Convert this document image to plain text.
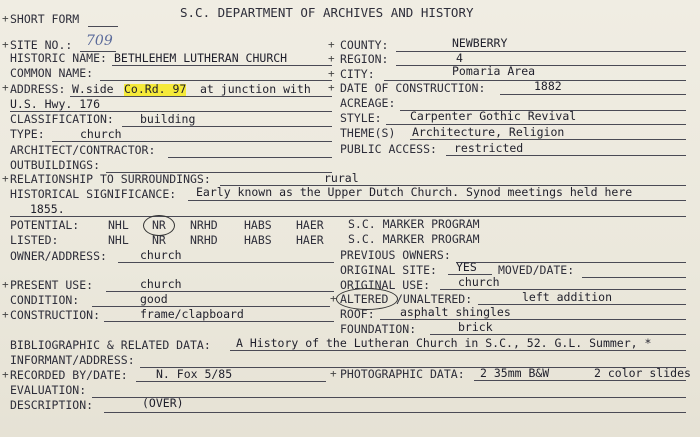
+ SHORT FORM	S.C. DEPARTMENT OF ARCHIVES AND HISTORY
+ SITE NO.: 709
HISTORIC NAME: BETHLEHEM LUTHERAN CHURCH
COMMON NAME:
+ ADDRESS: W.side Co.Rd. 97 at junction with
U.S. Hwy. 176
CLASSIFICATION: building
TYPE:	church
ARCHITECT/CONTRACTOR:
OUTBUILDINGS:
+ COUNTY:	NEWBERRY
+ REGION:	4
+ CITY:	Pomaria Area
+ DATE OF CONSTRUCTION:	1882
ACREAGE:
STYLE: Carpenter Gothic Revival
THEME(S) Architecture, Religion
PUBLIC ACCESS: restricted
+ RELATIONSHIP TO SURROUNDINGS:	rural
HISTORICAL SIGNIFICANCE: Early known as the Upper Dutch Church. Synod meetings held here
1855.
POTENTIAL:	NHL NR NRHD HABS HAER S.C. MARKER PROGRAM
LISTED:	NHL NR NRHD HABS HAER S.C. MARKER PROGRAM
OWNER/ADDRESS:	church	PREVIOUS OWNERS:
ORIGINAL SITE: YES MOVED/DATE:
ORIGINAL USE: church
+ PRESENT USE:	church
CONDITION:	good	+ ALTERED /UNALTERED:	left addition
+ CONSTRUCTION:	frame/clapboard	ROOF: asphalt shingles
FOUNDATION:	brick
BIBLIOGRAPHIC & RELATED DATA: A History of the Lutheran Church in S.C., 52. G.L. Summer, *
INFORMANT/ADDRESS:
+ RECORDED BY/DATE: N. Fox 5/85	+ PHOTOGRAPHIC DATA: 2 35mm B&W	2 color slides
EVALUATION:
DESCRIPTION:	(OVER)
